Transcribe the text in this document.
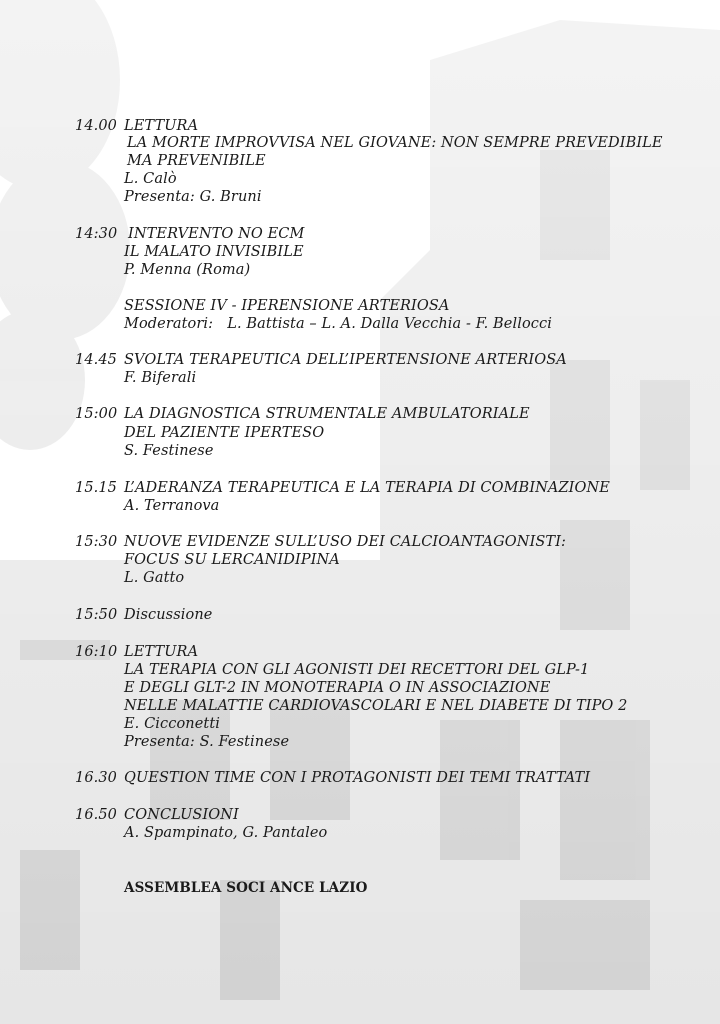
14.00 LETTURA
LA MORTE IMPROVVISA NEL GIOVANE: NON SEMPRE PREVEDIBILE
MA PREVENIBILE
L. Calò
Presenta: G. Bruni
14:30 INTERVENTO NO ECM
IL MALATO INVISIBILE
P. Menna (Roma)
SESSIONE IV - IPERENSIONE ARTERIOSA
Moderatori:   L. Battista – L. A. Dalla Vecchia - F. Bellocci
14.45 SVOLTA TERAPEUTICA DELL’IPERTENSIONE ARTERIOSA
F. Biferali
15:00 LA DIAGNOSTICA STRUMENTALE AMBULATORIALE
DEL PAZIENTE IPERTESO
S. Festinese
15.15 L’ADERANZA TERAPEUTICA E LA TERAPIA DI COMBINAZIONE
A. Terranova
15:30 NUOVE EVIDENZE SULL’USO DEI CALCIOANTAGONISTI:
FOCUS SU LERCANIDIPINA
L. Gatto
15:50 Discussione
16:10 LETTURA
LA TERAPIA CON GLI AGONISTI DEI RECETTORI DEL GLP-1
E DEGLI GLT-2 IN MONOTERAPIA O IN ASSOCIAZIONE
NELLE MALATTIE CARDIOVASCOLARI E NEL DIABETE DI TIPO 2
E. Cicconetti
Presenta: S. Festinese
16.30 QUESTION TIME CON I PROTAGONISTI DEI TEMI TRATTATI
16.50 CONCLUSIONI
A. Spampinato, G. Pantaleo
ASSEMBLEA SOCI ANCE LAZIO
